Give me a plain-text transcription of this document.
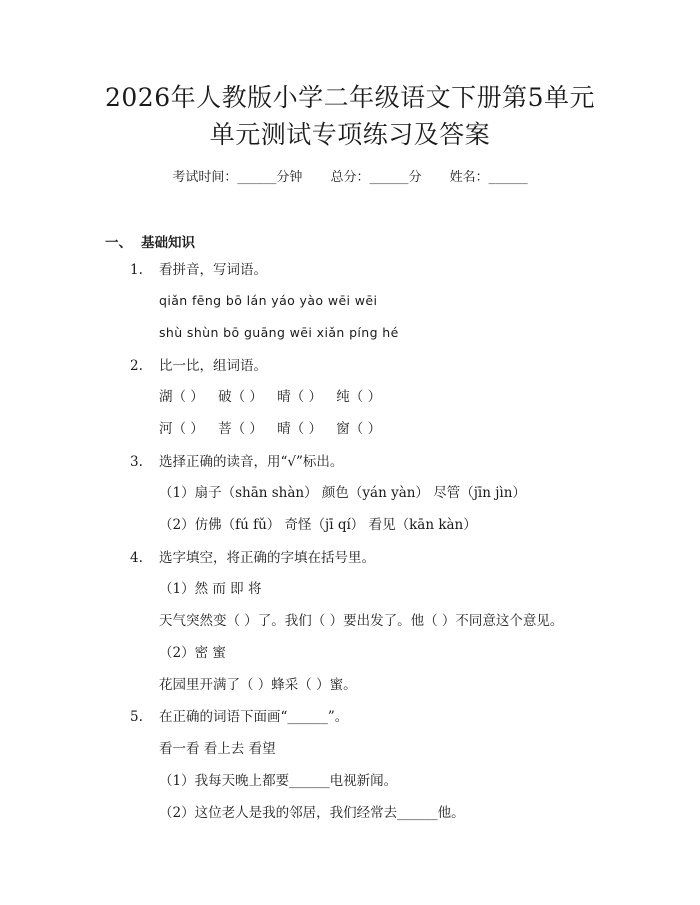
2026年人教版小学二年级语文下册第5单元
单元测试专项练习及答案
考试时间：______分钟 总分：______分 姓名：______
一、 基础知识
1. 看拼音，写词语。
qiǎn fēng bō lán yáo yào wēi wēi
shù shùn bō guāng wēi xiǎn píng hé
2. 比一比，组词语。
湖（ ） 破（ ） 晴（ ） 纯（ ）
河（ ） 菩（ ） 晴（ ） 窗（ ）
3. 选择正确的读音，用“√”标出。
（1）扇子（shān shàn） 颜色（yán yàn） 尽管（jīn jìn）
（2）仿佛（fú fǔ） 奇怪（jī qí） 看见（kān kàn）
4. 选字填空，将正确的字填在括号里。
（1）然 而 即 将
天气突然变（ ）了。我们（ ）要出发了。他（ ）不同意这个意见。
（2）密 蜜
花园里开满了（ ）蜂采（ ）蜜。
5. 在正确的词语下面画“______”。
看一看 看上去 看望
（1）我每天晚上都要______电视新闻。
（2）这位老人是我的邻居，我们经常去______他。
